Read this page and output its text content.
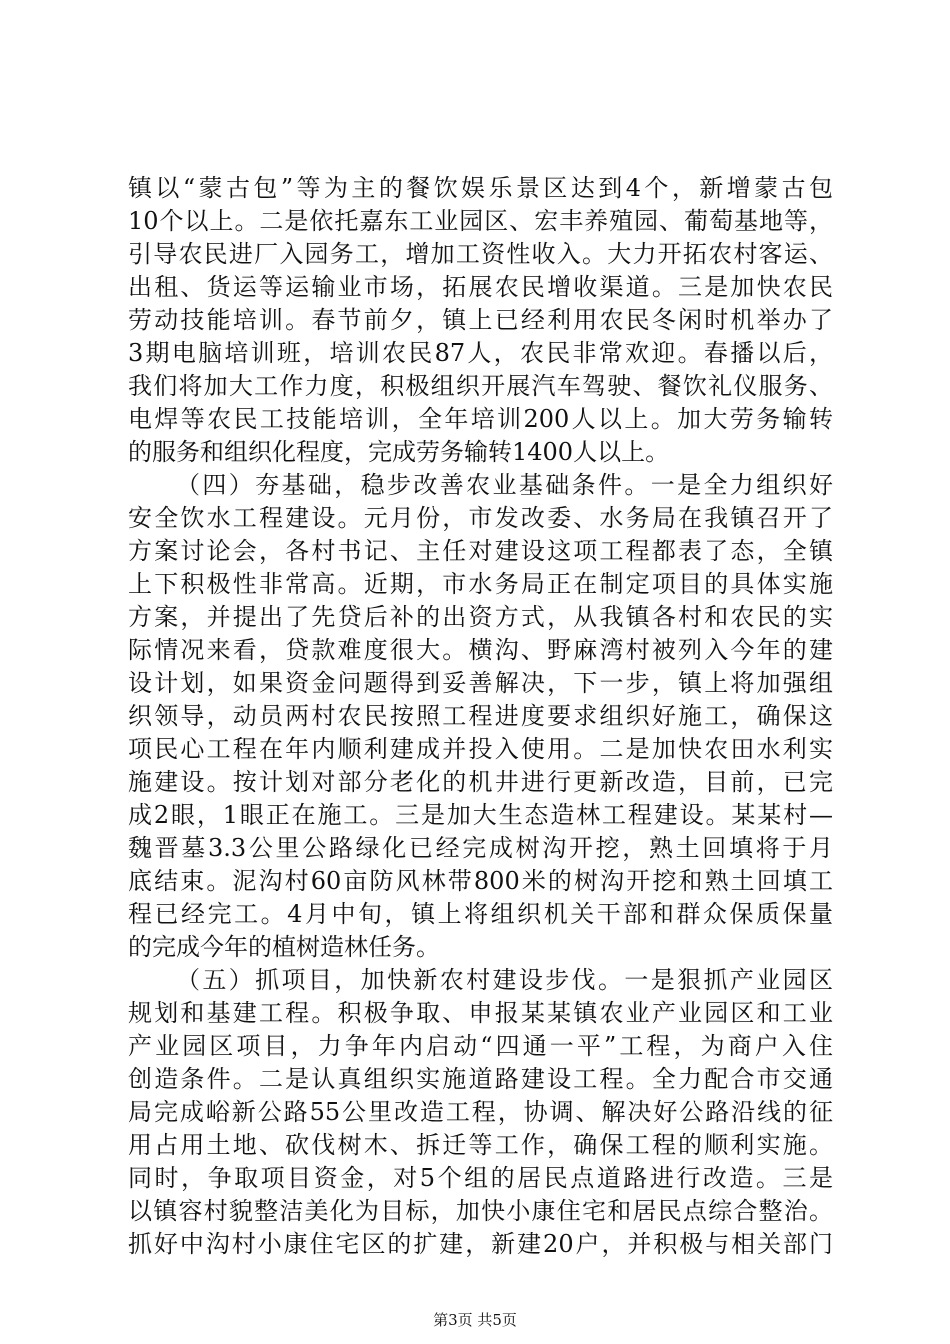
镇以“蒙古包”等为主的餐饮娱乐景区达到4个，新增蒙古包
10个以上。二是依托嘉东工业园区、宏丰养殖园、葡萄基地等，
引导农民进厂入园务工，增加工资性收入。大力开拓农村客运、
出租、货运等运输业市场，拓展农民增收渠道。三是加快农民
劳动技能培训。春节前夕，镇上已经利用农民冬闲时机举办了
3期电脑培训班，培训农民87人，农民非常欢迎。春播以后，
我们将加大工作力度，积极组织开展汽车驾驶、餐饮礼仪服务、
电焊等农民工技能培训，全年培训200人以上。加大劳务输转
的服务和组织化程度，完成劳务输转1400人以上。
（四）夯基础，稳步改善农业基础条件。一是全力组织好
安全饮水工程建设。元月份，市发改委、水务局在我镇召开了
方案讨论会，各村书记、主任对建设这项工程都表了态，全镇
上下积极性非常高。近期，市水务局正在制定项目的具体实施
方案，并提出了先贷后补的出资方式，从我镇各村和农民的实
际情况来看，贷款难度很大。横沟、野麻湾村被列入今年的建
设计划，如果资金问题得到妥善解决，下一步，镇上将加强组
织领导，动员两村农民按照工程进度要求组织好施工，确保这
项民心工程在年内顺利建成并投入使用。二是加快农田水利实
施建设。按计划对部分老化的机井进行更新改造，目前，已完
成2眼，1眼正在施工。三是加大生态造林工程建设。某某村—
魏晋墓3.3公里公路绿化已经完成树沟开挖，熟土回填将于月
底结束。泥沟村60亩防风林带800米的树沟开挖和熟土回填工
程已经完工。4月中旬，镇上将组织机关干部和群众保质保量
的完成今年的植树造林任务。
（五）抓项目，加快新农村建设步伐。一是狠抓产业园区
规划和基建工程。积极争取、申报某某镇农业产业园区和工业
产业园区项目，力争年内启动“四通一平”工程，为商户入住
创造条件。二是认真组织实施道路建设工程。全力配合市交通
局完成峪新公路55公里改造工程，协调、解决好公路沿线的征
用占用土地、砍伐树木、拆迁等工作，确保工程的顺利实施。
同时，争取项目资金，对5个组的居民点道路进行改造。三是
以镇容村貌整洁美化为目标，加快小康住宅和居民点综合整治。
抓好中沟村小康住宅区的扩建，新建20户，并积极与相关部门
第3页 共5页
